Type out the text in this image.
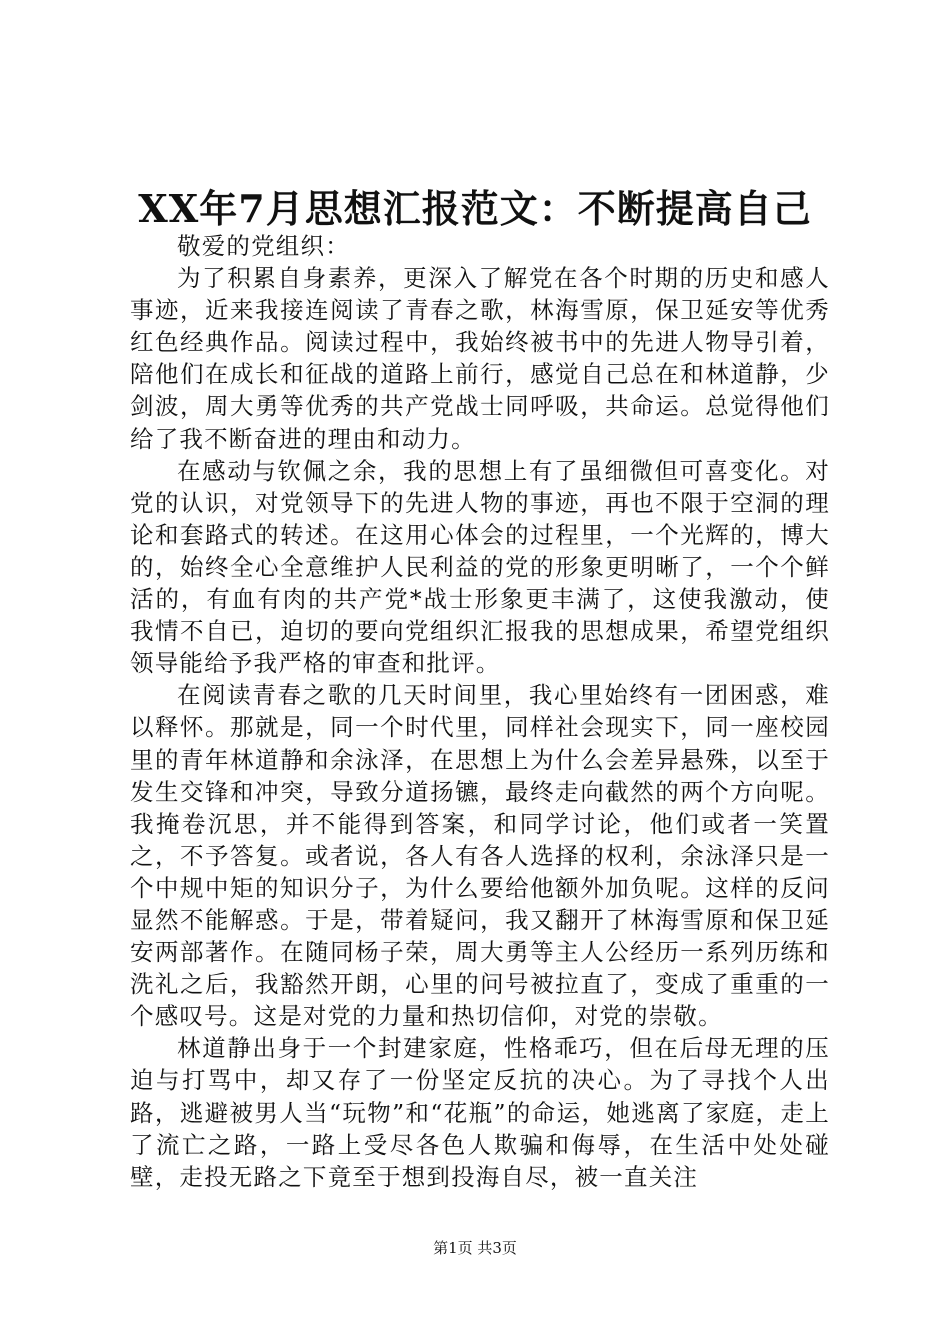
XX年7月思想汇报范文：不断提高自己

敬爱的党组织：

为了积累自身素养，更深入了解党在各个时期的历史和感人事迹，近来我接连阅读了青春之歌，林海雪原，保卫延安等优秀红色经典作品。阅读过程中，我始终被书中的先进人物导引着，陪他们在成长和征战的道路上前行，感觉自己总在和林道静，少剑波，周大勇等优秀的共产党战士同呼吸，共命运。总觉得他们给了我不断奋进的理由和动力。

在感动与钦佩之余，我的思想上有了虽细微但可喜变化。对党的认识，对党领导下的先进人物的事迹，再也不限于空洞的理论和套路式的转述。在这用心体会的过程里，一个光辉的，博大的，始终全心全意维护人民利益的党的形象更明晰了，一个个鲜活的，有血有肉的共产党*战士形象更丰满了，这使我激动，使我情不自已，迫切的要向党组织汇报我的思想成果，希望党组织领导能给予我严格的审查和批评。

在阅读青春之歌的几天时间里，我心里始终有一团困惑，难以释怀。那就是，同一个时代里，同样社会现实下，同一座校园里的青年林道静和余泳泽，在思想上为什么会差异悬殊，以至于发生交锋和冲突，导致分道扬镳，最终走向截然的两个方向呢。我掩卷沉思，并不能得到答案，和同学讨论，他们或者一笑置之，不予答复。或者说，各人有各人选择的权利，余泳泽只是一个中规中矩的知识分子，为什么要给他额外加负呢。这样的反问显然不能解惑。于是，带着疑问，我又翻开了林海雪原和保卫延安两部著作。在随同杨子荣，周大勇等主人公经历一系列历练和洗礼之后，我豁然开朗，心里的问号被拉直了，变成了重重的一个感叹号。这是对党的力量和热切信仰，对党的崇敬。

林道静出身于一个封建家庭，性格乖巧，但在后母无理的压迫与打骂中，却又存了一份坚定反抗的决心。为了寻找个人出路，逃避被男人当“玩物”和“花瓶”的命运，她逃离了家庭，走上了流亡之路，一路上受尽各色人欺骗和侮辱，在生活中处处碰壁，走投无路之下竟至于想到投海自尽，被一直关注

第1页 共3页
